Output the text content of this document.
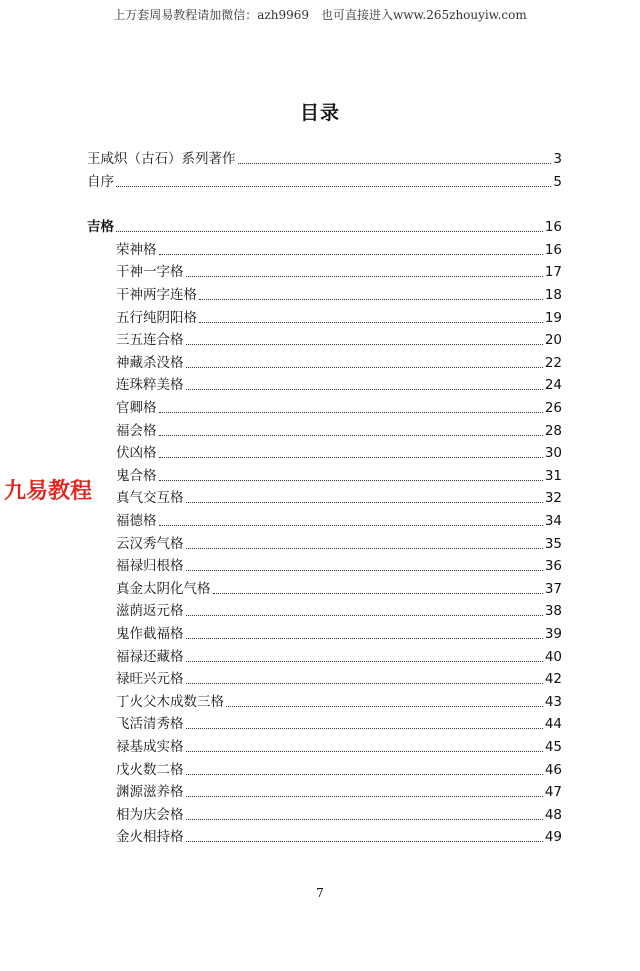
上万套周易教程请加微信：azh9969　也可直接进入www.265zhouyiw.com
目录
王咸炽（古石）系列著作	3
自序	5
吉格	16
荣神格	16
干神一字格	17
干神两字连格	18
五行纯阴阳格	19
三五连合格	20
神藏杀没格	22
连珠粹美格	24
官卿格	26
福会格	28
伏凶格	30
鬼合格	31
真气交互格	32
福德格	34
云汉秀气格	35
福禄归根格	36
真金太阴化气格	37
滋荫返元格	38
鬼作截福格	39
福禄还藏格	40
禄旺兴元格	42
丁火父木成数三格	43
飞活清秀格	44
禄基成实格	45
戊火数二格	46
渊源滋养格	47
相为庆会格	48
金火相持格	49
九易教程
7
